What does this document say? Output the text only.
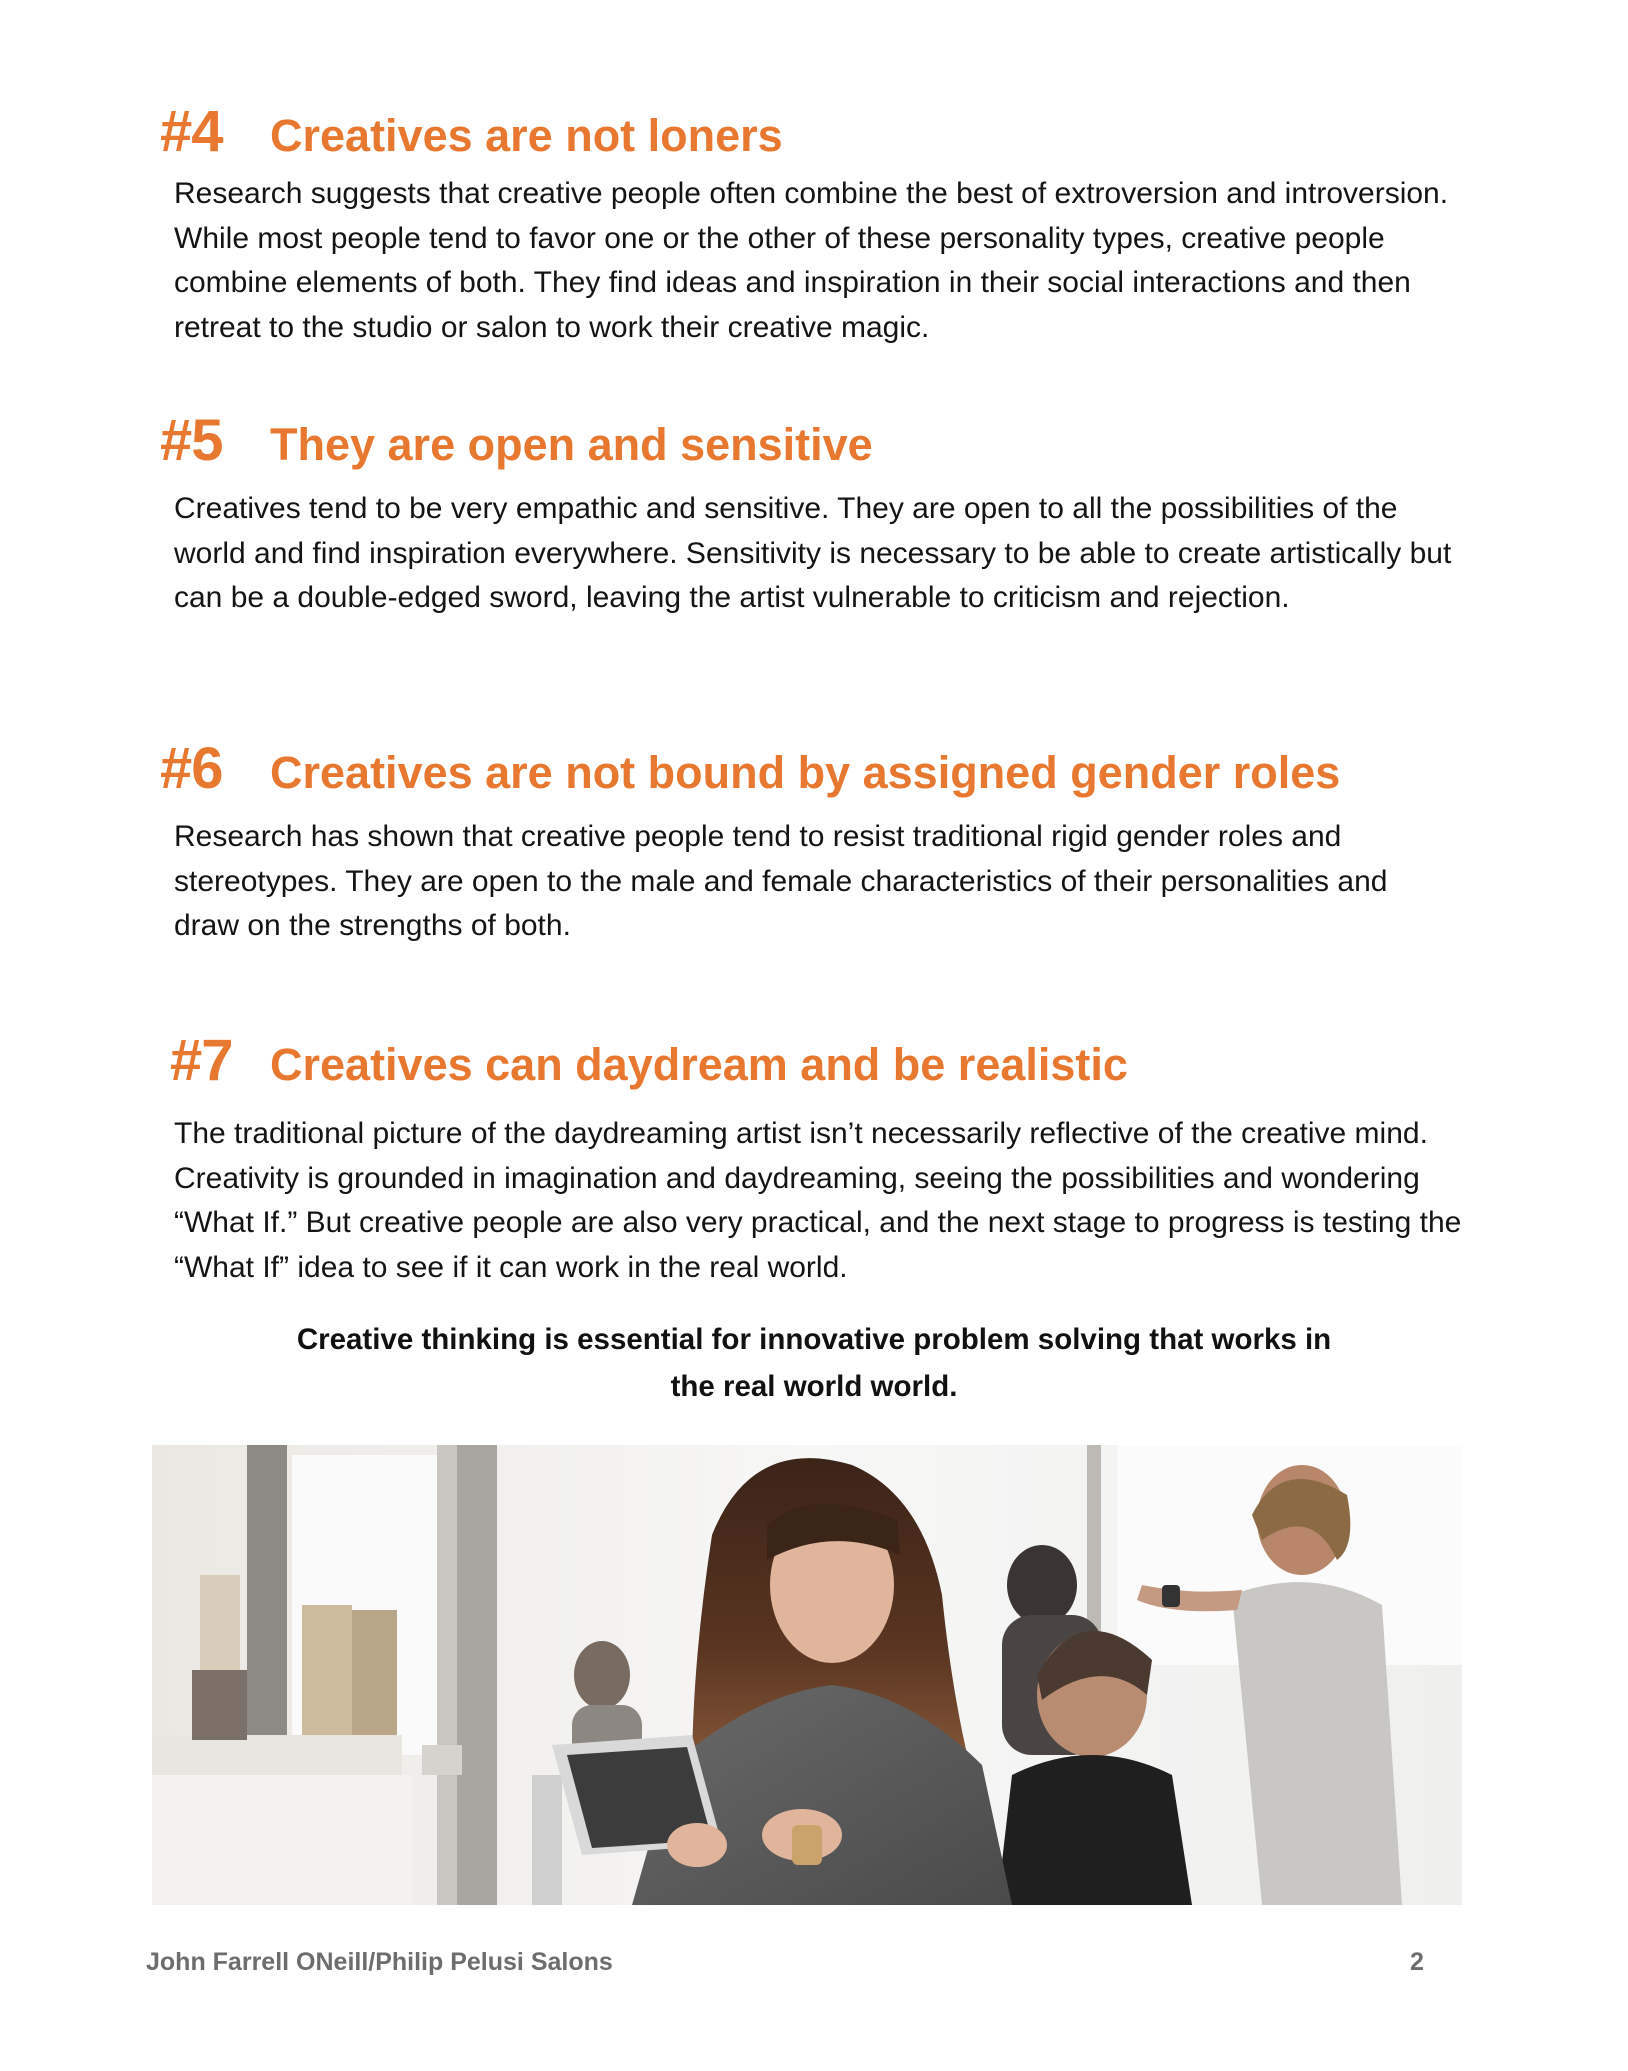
#4	Creatives are not loners
Research suggests that creative people often combine the best of extroversion and introversion. While most people tend to favor one or the other of these personality types, creative people combine elements of both. They find ideas and inspiration in their social interactions and then retreat to the studio or salon to work their creative magic.
#5	They are open and sensitive
Creatives tend to be very empathic and sensitive. They are open to all the possibilities of the world and find inspiration everywhere. Sensitivity is necessary to be able to create artistically but can be a double-edged sword, leaving the artist vulnerable to criticism and rejection.
#6	Creatives are not bound by assigned gender roles
Research has shown that creative people tend to resist traditional rigid gender roles and stereotypes. They are open to the male and female characteristics of their personalities and draw on the strengths of both.
#7 Creatives can daydream and be realistic
The traditional picture of the daydreaming artist isn’t necessarily reflective of the creative mind. Creativity is grounded in imagination and daydreaming, seeing the possibilities and wondering “What If.” But creative people are also very practical, and the next stage to progress is testing the “What If” idea to see if it can work in the real world.
Creative thinking is essential for innovative problem solving that works in
the real world world.
John Farrell ONeill/Philip Pelusi Salons	2
